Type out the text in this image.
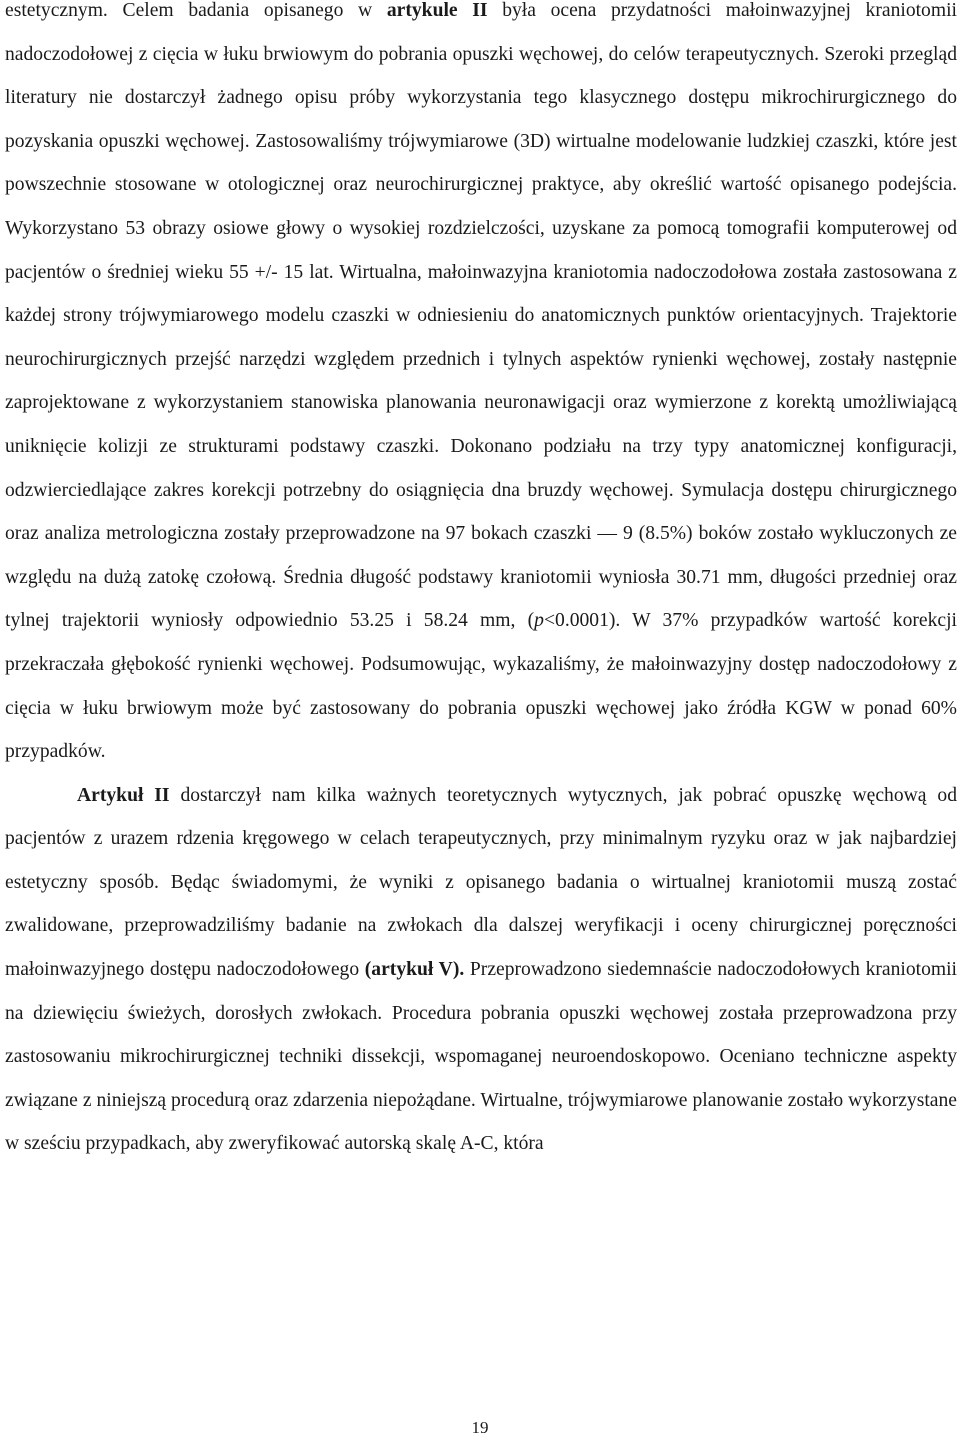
estetycznym. Celem badania opisanego w artykule II była ocena przydatności małoinwazyjnej kraniotomii nadoczodołowej z cięcia w łuku brwiowym do pobrania opuszki węchowej, do celów terapeutycznych. Szeroki przegląd literatury nie dostarczył żadnego opisu próby wykorzystania tego klasycznego dostępu mikrochirurgicznego do pozyskania opuszki węchowej. Zastosowaliśmy trójwymiarowe (3D) wirtualne modelowanie ludzkiej czaszki, które jest powszechnie stosowane w otologicznej oraz neurochirurgicznej praktyce, aby określić wartość opisanego podejścia. Wykorzystano 53 obrazy osiowe głowy o wysokiej rozdzielczości, uzyskane za pomocą tomografii komputerowej od pacjentów o średniej wieku 55 +/- 15 lat. Wirtualna, małoinwazyjna kraniotomia nadoczodołowa została zastosowana z każdej strony trójwymiarowego modelu czaszki w odniesieniu do anatomicznych punktów orientacyjnych. Trajektorie neurochirurgicznych przejść narzędzi względem przednich i tylnych aspektów rynienki węchowej, zostały następnie zaprojektowane z wykorzystaniem stanowiska planowania neuronawigacji oraz wymierzone z korektą umożliwiającą uniknięcie kolizji ze strukturami podstawy czaszki. Dokonano podziału na trzy typy anatomicznej konfiguracji, odzwierciedlające zakres korekcji potrzebny do osiągnięcia dna bruzdy węchowej. Symulacja dostępu chirurgicznego oraz analiza metrologiczna zostały przeprowadzone na 97 bokach czaszki — 9 (8.5%) boków zostało wykluczonych ze względu na dużą zatokę czołową. Średnia długość podstawy kraniotomii wyniosła 30.71 mm, długości przedniej oraz tylnej trajektorii wyniosły odpowiednio 53.25 i 58.24 mm, (p<0.0001). W 37% przypadków wartość korekcji przekraczała głębokość rynienki węchowej. Podsumowując, wykazaliśmy, że małoinwazyjny dostęp nadoczodołowy z cięcia w łuku brwiowym może być zastosowany do pobrania opuszki węchowej jako źródła KGW w ponad 60% przypadków.

Artykuł II dostarczył nam kilka ważnych teoretycznych wytycznych, jak pobrać opuszkę węchową od pacjentów z urazem rdzenia kręgowego w celach terapeutycznych, przy minimalnym ryzyku oraz w jak najbardziej estetyczny sposób. Będąc świadomymi, że wyniki z opisanego badania o wirtualnej kraniotomii muszą zostać zwalidowane, przeprowadziliśmy badanie na zwłokach dla dalszej weryfikacji i oceny chirurgicznej poręczności małoinwazyjnego dostępu nadoczodołowego (artykuł V). Przeprowadzono siedemnaście nadoczodołowych kraniotomii na dziewięciu świeżych, dorosłych zwłokach. Procedura pobrania opuszki węchowej została przeprowadzona przy zastosowaniu mikrochirurgicznej techniki dissekcji, wspomaganej neuroendoskopowo. Oceniano techniczne aspekty związane z niniejszą procedurą oraz zdarzenia niepożądane. Wirtualne, trójwymiarowe planowanie zostało wykorzystane w sześciu przypadkach, aby zweryfikować autorską skalę A-C, która

19
